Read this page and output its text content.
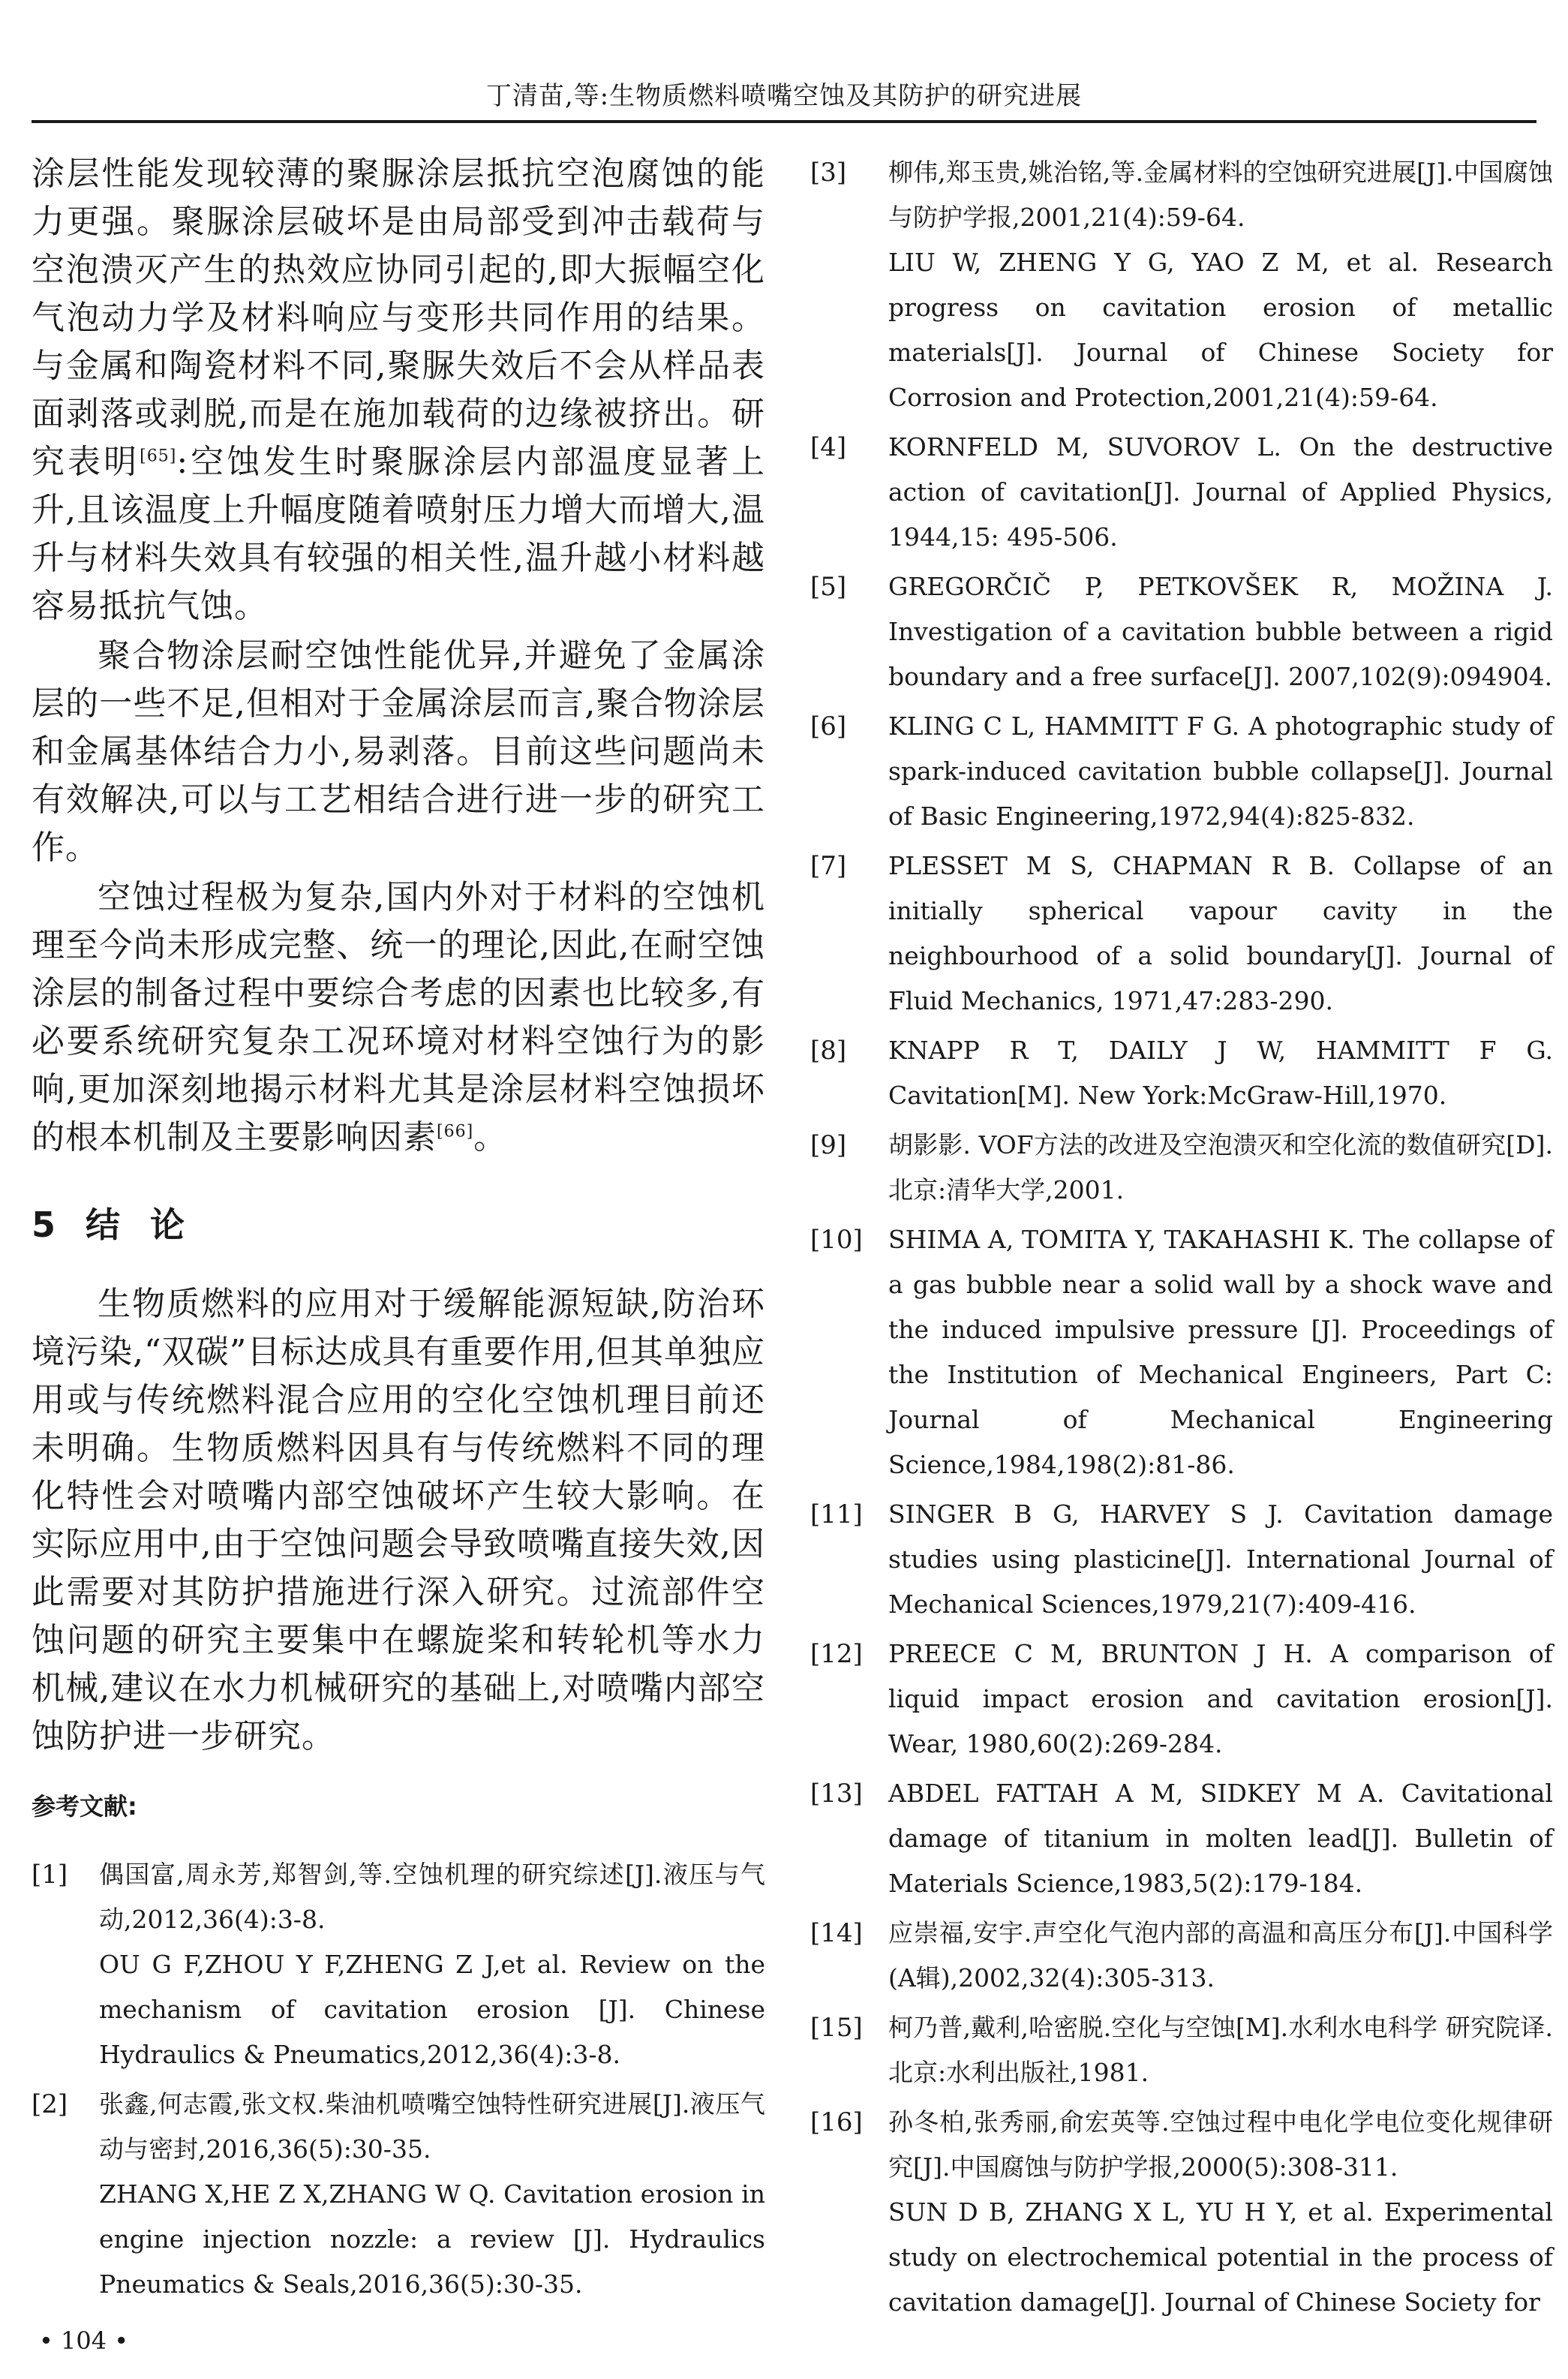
丁清苗,等:生物质燃料喷嘴空蚀及其防护的研究进展

涂层性能发现较薄的聚脲涂层抵抗空泡腐蚀的能力更强。聚脲涂层破坏是由局部受到冲击载荷与空泡溃灭产生的热效应协同引起的,即大振幅空化气泡动力学及材料响应与变形共同作用的结果。与金属和陶瓷材料不同,聚脲失效后不会从样品表面剥落或剥脱,而是在施加载荷的边缘被挤出。研究表明[65]:空蚀发生时聚脲涂层内部温度显著上升,且该温度上升幅度随着喷射压力增大而增大,温升与材料失效具有较强的相关性,温升越小材料越容易抵抗气蚀。

聚合物涂层耐空蚀性能优异,并避免了金属涂层的一些不足,但相对于金属涂层而言,聚合物涂层和金属基体结合力小,易剥落。目前这些问题尚未有效解决,可以与工艺相结合进行进一步的研究工作。

空蚀过程极为复杂,国内外对于材料的空蚀机理至今尚未形成完整、统一的理论,因此,在耐空蚀涂层的制备过程中要综合考虑的因素也比较多,有必要系统研究复杂工况环境对材料空蚀行为的影响,更加深刻地揭示材料尤其是涂层材料空蚀损坏的根本机制及主要影响因素[66]。

5 结 论

生物质燃料的应用对于缓解能源短缺,防治环境污染,“双碳”目标达成具有重要作用,但其单独应用或与传统燃料混合应用的空化空蚀机理目前还未明确。生物质燃料因具有与传统燃料不同的理化特性会对喷嘴内部空蚀破坏产生较大影响。在实际应用中,由于空蚀问题会导致喷嘴直接失效,因此需要对其防护措施进行深入研究。过流部件空蚀问题的研究主要集中在螺旋桨和转轮机等水力机械,建议在水力机械研究的基础上,对喷嘴内部空蚀防护进一步研究。

参考文献:
[1]	偶国富,周永芳,郑智剑,等.空蚀机理的研究综述[J].液压与气动,2012,36(4):3-8.
OU G F,ZHOU Y F,ZHENG Z J,et al. Review on the mechanism of cavitation erosion [J]. Chinese Hydraulics & Pneumatics,2012,36(4):3-8.
[2]	张鑫,何志霞,张文权.柴油机喷嘴空蚀特性研究进展[J].液压气动与密封,2016,36(5):30-35.
ZHANG X,HE Z X,ZHANG W Q. Cavitation erosion in engine injection nozzle: a review [J]. Hydraulics Pneumatics & Seals,2016,36(5):30-35.
[3]	柳伟,郑玉贵,姚治铭,等.金属材料的空蚀研究进展[J].中国腐蚀与防护学报,2001,21(4):59-64.
LIU W, ZHENG Y G, YAO Z M, et al. Research progress on cavitation erosion of metallic materials[J]. Journal of Chinese Society for Corrosion and Protection,2001,21(4):59-64.
[4]	KORNFELD M, SUVOROV L. On the destructive action of cavitation[J]. Journal of Applied Physics, 1944,15: 495-506.
[5]	GREGORČIČ P, PETKOVŠEK R, MOŽINA J. Investigation of a cavitation bubble between a rigid boundary and a free surface[J]. 2007,102(9):094904.
[6]	KLING C L, HAMMITT F G. A photographic study of spark-induced cavitation bubble collapse[J]. Journal of Basic Engineering,1972,94(4):825-832.
[7]	PLESSET M S, CHAPMAN R B. Collapse of an initially spherical vapour cavity in the neighbourhood of a solid boundary[J]. Journal of Fluid Mechanics, 1971,47:283-290.
[8]	KNAPP R T, DAILY J W, HAMMITT F G. Cavitation[M]. New York:McGraw-Hill,1970.
[9]	胡影影. VOF方法的改进及空泡溃灭和空化流的数值研究[D].北京:清华大学,2001.
[10]	SHIMA A, TOMITA Y, TAKAHASHI K. The collapse of a gas bubble near a solid wall by a shock wave and the induced impulsive pressure [J]. Proceedings of the Institution of Mechanical Engineers, Part C: Journal of Mechanical Engineering Science,1984,198(2):81-86.
[11]	SINGER B G, HARVEY S J. Cavitation damage studies using plasticine[J]. International Journal of Mechanical Sciences,1979,21(7):409-416.
[12]	PREECE C M, BRUNTON J H. A comparison of liquid impact erosion and cavitation erosion[J]. Wear, 1980,60(2):269-284.
[13]	ABDEL FATTAH A M, SIDKEY M A. Cavitational damage of titanium in molten lead[J]. Bulletin of Materials Science,1983,5(2):179-184.
[14]	应崇福,安宇.声空化气泡内部的高温和高压分布[J].中国科学(A辑),2002,32(4):305-313.
[15]	柯乃普,戴利,哈密脱.空化与空蚀[M].水利水电科学 研究院译.北京:水利出版社,1981.
[16]	孙冬柏,张秀丽,俞宏英等.空蚀过程中电化学电位变化规律研究[J].中国腐蚀与防护学报,2000(5):308-311.
SUN D B, ZHANG X L, YU H Y, et al. Experimental study on electrochemical potential in the process of cavitation damage[J]. Journal of Chinese Society for
• 104 •
